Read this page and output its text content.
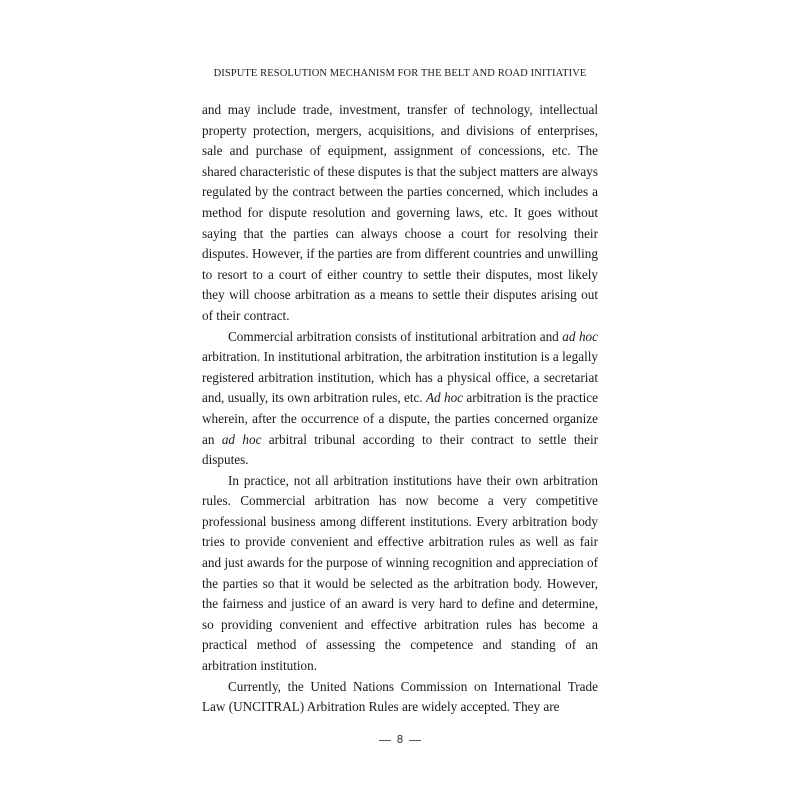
DISPUTE RESOLUTION MECHANISM FOR THE BELT AND ROAD INITIATIVE

and may include trade, investment, transfer of technology, intellectual property protection, mergers, acquisitions, and divisions of enterprises, sale and purchase of equipment, assignment of concessions, etc. The shared characteristic of these disputes is that the subject matters are always regulated by the contract between the parties concerned, which includes a method for dispute resolution and governing laws, etc. It goes without saying that the parties can always choose a court for resolving their disputes. However, if the parties are from different countries and unwilling to resort to a court of either country to settle their disputes, most likely they will choose arbitration as a means to settle their disputes arising out of their contract.

Commercial arbitration consists of institutional arbitration and ad hoc arbitration. In institutional arbitration, the arbitration institution is a legally registered arbitration institution, which has a physical office, a secretariat and, usually, its own arbitration rules, etc. Ad hoc arbitration is the practice wherein, after the occurrence of a dispute, the parties concerned organize an ad hoc arbitral tribunal according to their contract to settle their disputes.

In practice, not all arbitration institutions have their own arbitration rules. Commercial arbitration has now become a very competitive professional business among different institutions. Every arbitration body tries to provide convenient and effective arbitration rules as well as fair and just awards for the purpose of winning recognition and appreciation of the parties so that it would be selected as the arbitration body. However, the fairness and justice of an award is very hard to define and determine, so providing convenient and effective arbitration rules has become a practical method of assessing the competence and standing of an arbitration institution.

Currently, the United Nations Commission on International Trade Law (UNCITRAL) Arbitration Rules are widely accepted. They are

8
